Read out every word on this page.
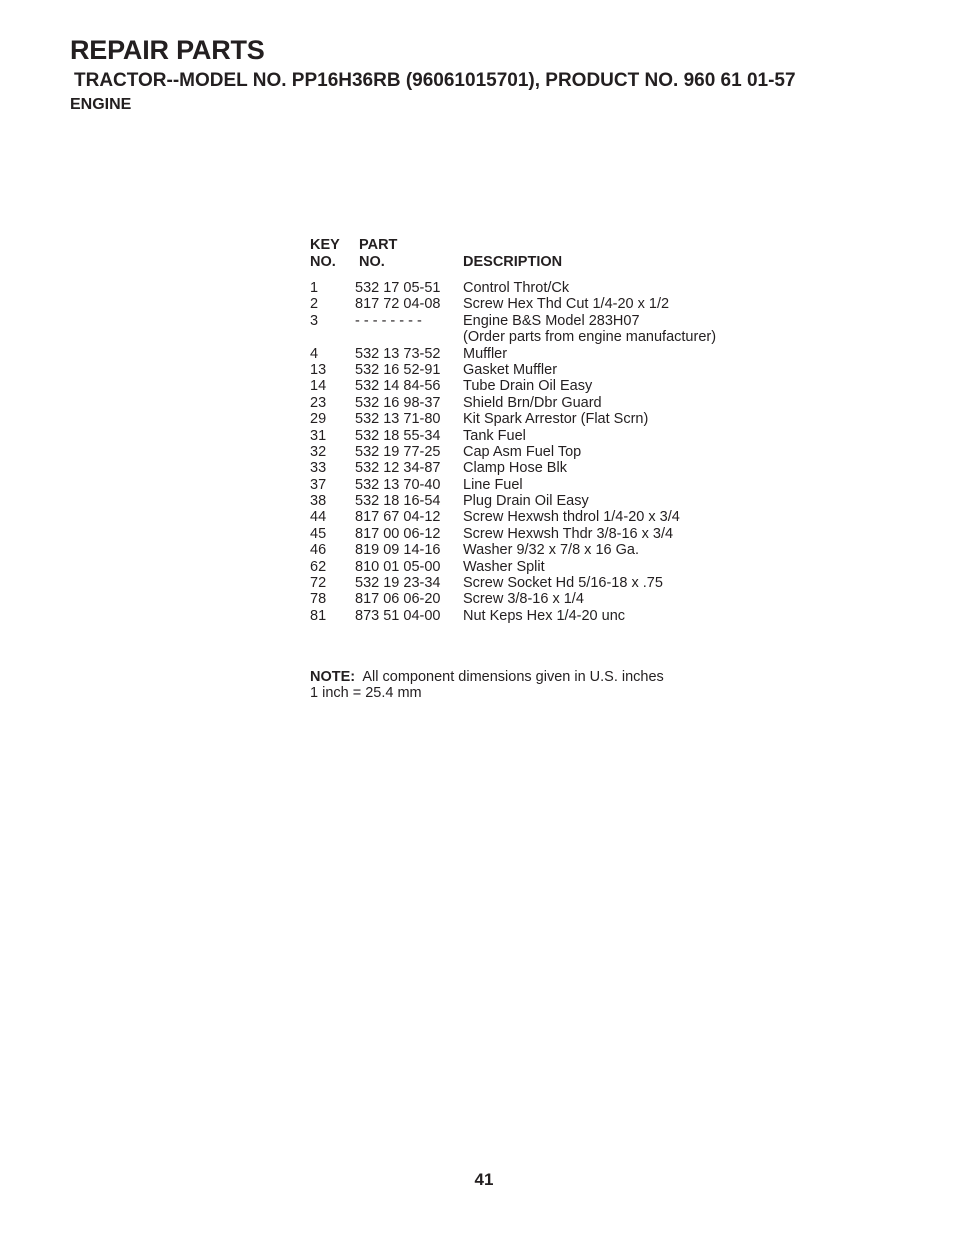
REPAIR PARTS
TRACTOR--MODEL NO. PP16H36RB (96061015701), PRODUCT NO. 960 61 01-57
ENGINE
KEY
NO.
PART
NO.	DESCRIPTION
1	532 17 05-51 Control Throt/Ck
2	817 72 04-08 Screw Hex Thd Cut 1/4-20 x 1/2
3	- - - - - - - -	Engine B&S Model 283H07
(Order parts from engine manufacturer)
4	532 13 73-52 Muffler
13 532 16 52-91 Gasket Muffler
14 532 14 84-56 Tube Drain Oil Easy
23 532 16 98-37 Shield Brn/Dbr Guard
29 532 13 71-80 Kit Spark Arrestor (Flat Scrn)
31 532 18 55-34 Tank Fuel
32 532 19 77-25 Cap Asm Fuel Top
33 532 12 34-87 Clamp Hose Blk
37 532 13 70-40 Line Fuel
38 532 18 16-54 Plug Drain Oil Easy
44 817 67 04-12 Screw Hexwsh thdrol 1/4-20 x 3/4
45 817 00 06-12 Screw Hexwsh Thdr 3/8-16 x 3/4
46 819 09 14-16 Washer 9/32 x 7/8 x 16 Ga.
62 810 01 05-00 Washer Split
72 532 19 23-34 Screw Socket Hd 5/16-18 x .75
78 817 06 06-20 Screw 3/8-16 x 1/4
81 873 51 04-00 Nut Keps Hex 1/4-20 unc
NOTE: All component dimensions given in U.S. inches
1 inch = 25.4 mm
41
